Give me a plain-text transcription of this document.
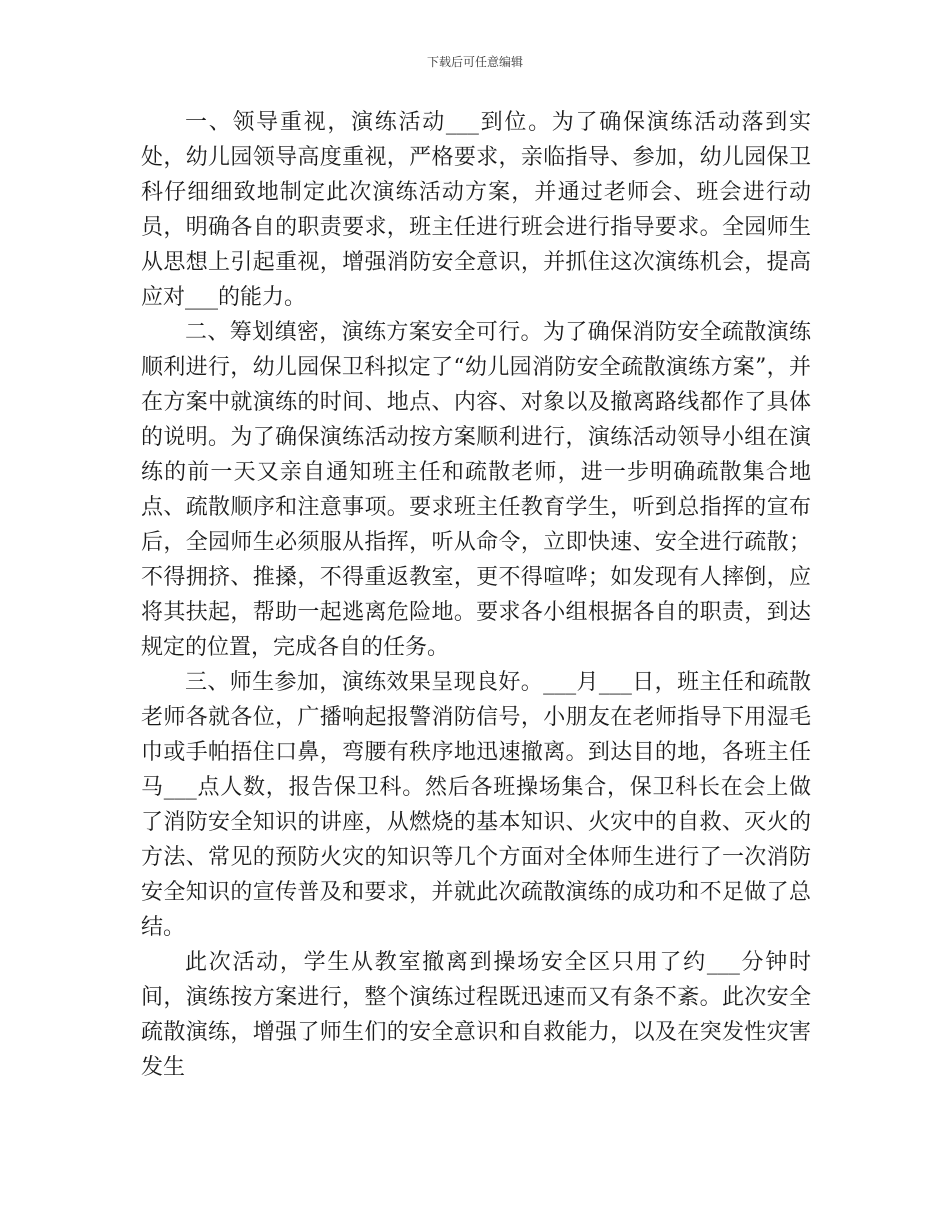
下载后可任意编辑

一、领导重视，演练活动___到位。为了确保演练活动落到实处，幼儿园领导高度重视，严格要求，亲临指导、参加，幼儿园保卫科仔细细致地制定此次演练活动方案，并通过老师会、班会进行动员，明确各自的职责要求，班主任进行班会进行指导要求。全园师生从思想上引起重视，增强消防安全意识，并抓住这次演练机会，提高应对___的能力。

二、筹划缜密，演练方案安全可行。为了确保消防安全疏散演练顺利进行，幼儿园保卫科拟定了“幼儿园消防安全疏散演练方案”，并在方案中就演练的时间、地点、内容、对象以及撤离路线都作了具体的说明。为了确保演练活动按方案顺利进行，演练活动领导小组在演练的前一天又亲自通知班主任和疏散老师，进一步明确疏散集合地点、疏散顺序和注意事项。要求班主任教育学生，听到总指挥的宣布后，全园师生必须服从指挥，听从命令，立即快速、安全进行疏散；不得拥挤、推搡，不得重返教室，更不得喧哗；如发现有人摔倒，应将其扶起，帮助一起逃离危险地。要求各小组根据各自的职责，到达规定的位置，完成各自的任务。

三、师生参加，演练效果呈现良好。___月___日，班主任和疏散老师各就各位，广播响起报警消防信号，小朋友在老师指导下用湿毛巾或手帕捂住口鼻，弯腰有秩序地迅速撤离。到达目的地，各班主任马___点人数，报告保卫科。然后各班操场集合，保卫科长在会上做了消防安全知识的讲座，从燃烧的基本知识、火灾中的自救、灭火的方法、常见的预防火灾的知识等几个方面对全体师生进行了一次消防安全知识的宣传普及和要求，并就此次疏散演练的成功和不足做了总结。

此次活动，学生从教室撤离到操场安全区只用了约___分钟时间，演练按方案进行，整个演练过程既迅速而又有条不紊。此次安全疏散演练，增强了师生们的安全意识和自救能力，以及在突发性灾害发生
